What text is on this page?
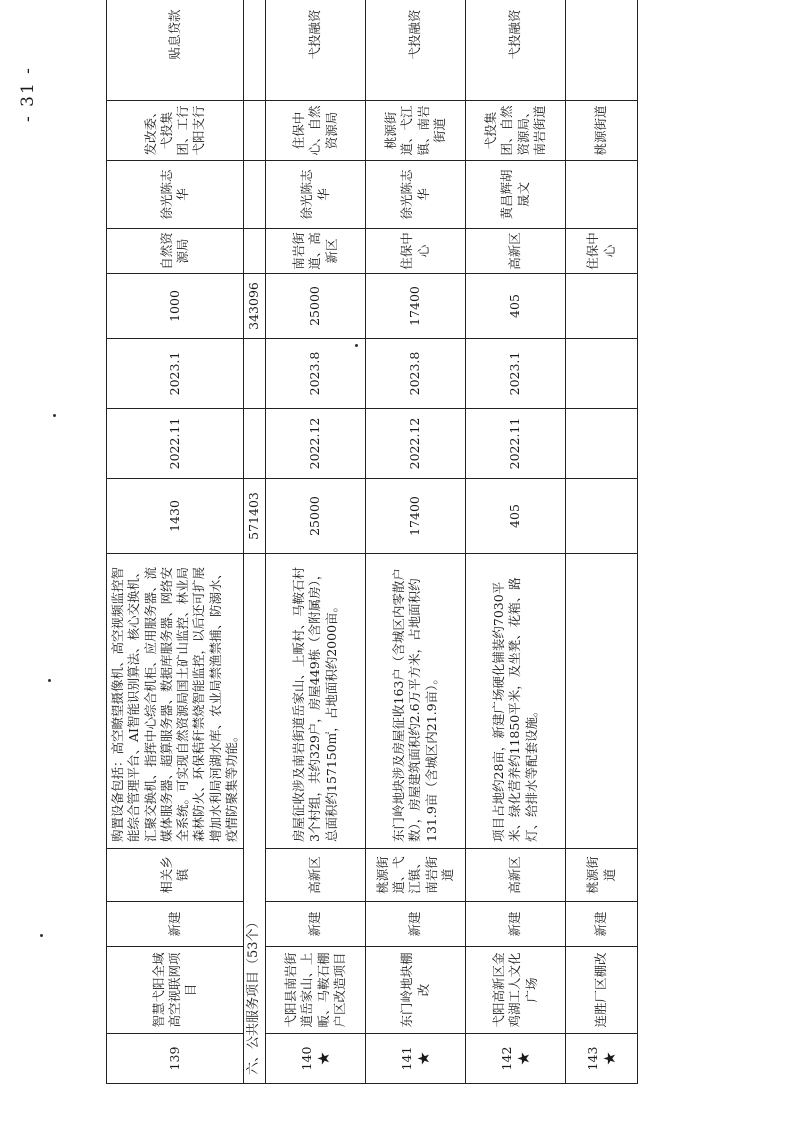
- 31 -
139	智慧弋阳全域高空视联网项目	新建	相关乡镇	购置设备包括：高空瞭望摄像机、高空视频监控智能综合管理平台、AI智能识别算法、核心交换机、汇聚交换机、指挥中心综合机柜、应用服务器、流媒体服务器、超算服务器、数据库服务器、网络安全系统。可实现自然资源局国土矿山监控、林业局森林防火、环保秸秆禁烧智能监控，以后还可扩展增加水利局河湖水库、农业局禁渔禁捕、防溺水、疫情防聚集等功能。	1430	2022.11	2023.1	1000	自然资源局	徐光陈志华	发改委、弋投集团、工行弋阳支行	贴息贷款
六、公共服务项目（53个）					571403			343096				
140 ★	弋阳县南岩街道岳家山、上畈、马鞍石棚户区改造项目	新建	高新区	房屋征收涉及南岩街道岳家山、上畈村、马鞍石村3个村组，共约329户，房屋449栋（含附属房），总面积约157150㎡，占地面积约2000亩。	25000	2022.12	2023.8	25000	南岩街道、高新区	徐光陈志华	住保中心、自然资源局	弋投融资
141 ★	东门岭地块棚改	新建	桃源街道、弋江镇、南岩街道	东门岭地块涉及房屋征收163户（含城区内零散户数），房屋建筑面积约2.6万平方米，占地面积约131.9亩（含城区内21.9亩）。	17400	2022.12	2023.8	17400	住保中心	徐光陈志华	桃源街道、弋江镇、南岩街道	弋投融资
142 ★	弋阳高新区金鸡湖工人文化广场	新建	高新区	项目占地约28亩，新建广场硬化铺装约7030平米、绿化营养约11850平米，及坐凳、花箱、路灯、给排水等配套设施。	405	2022.11	2023.1	405	高新区	黄昌辉胡晟文	弋投集团、自然资源局、南岩街道	弋投融资
143 ★	连胜厂区棚改	新建	桃源街道						住保中心		桃源街道	
